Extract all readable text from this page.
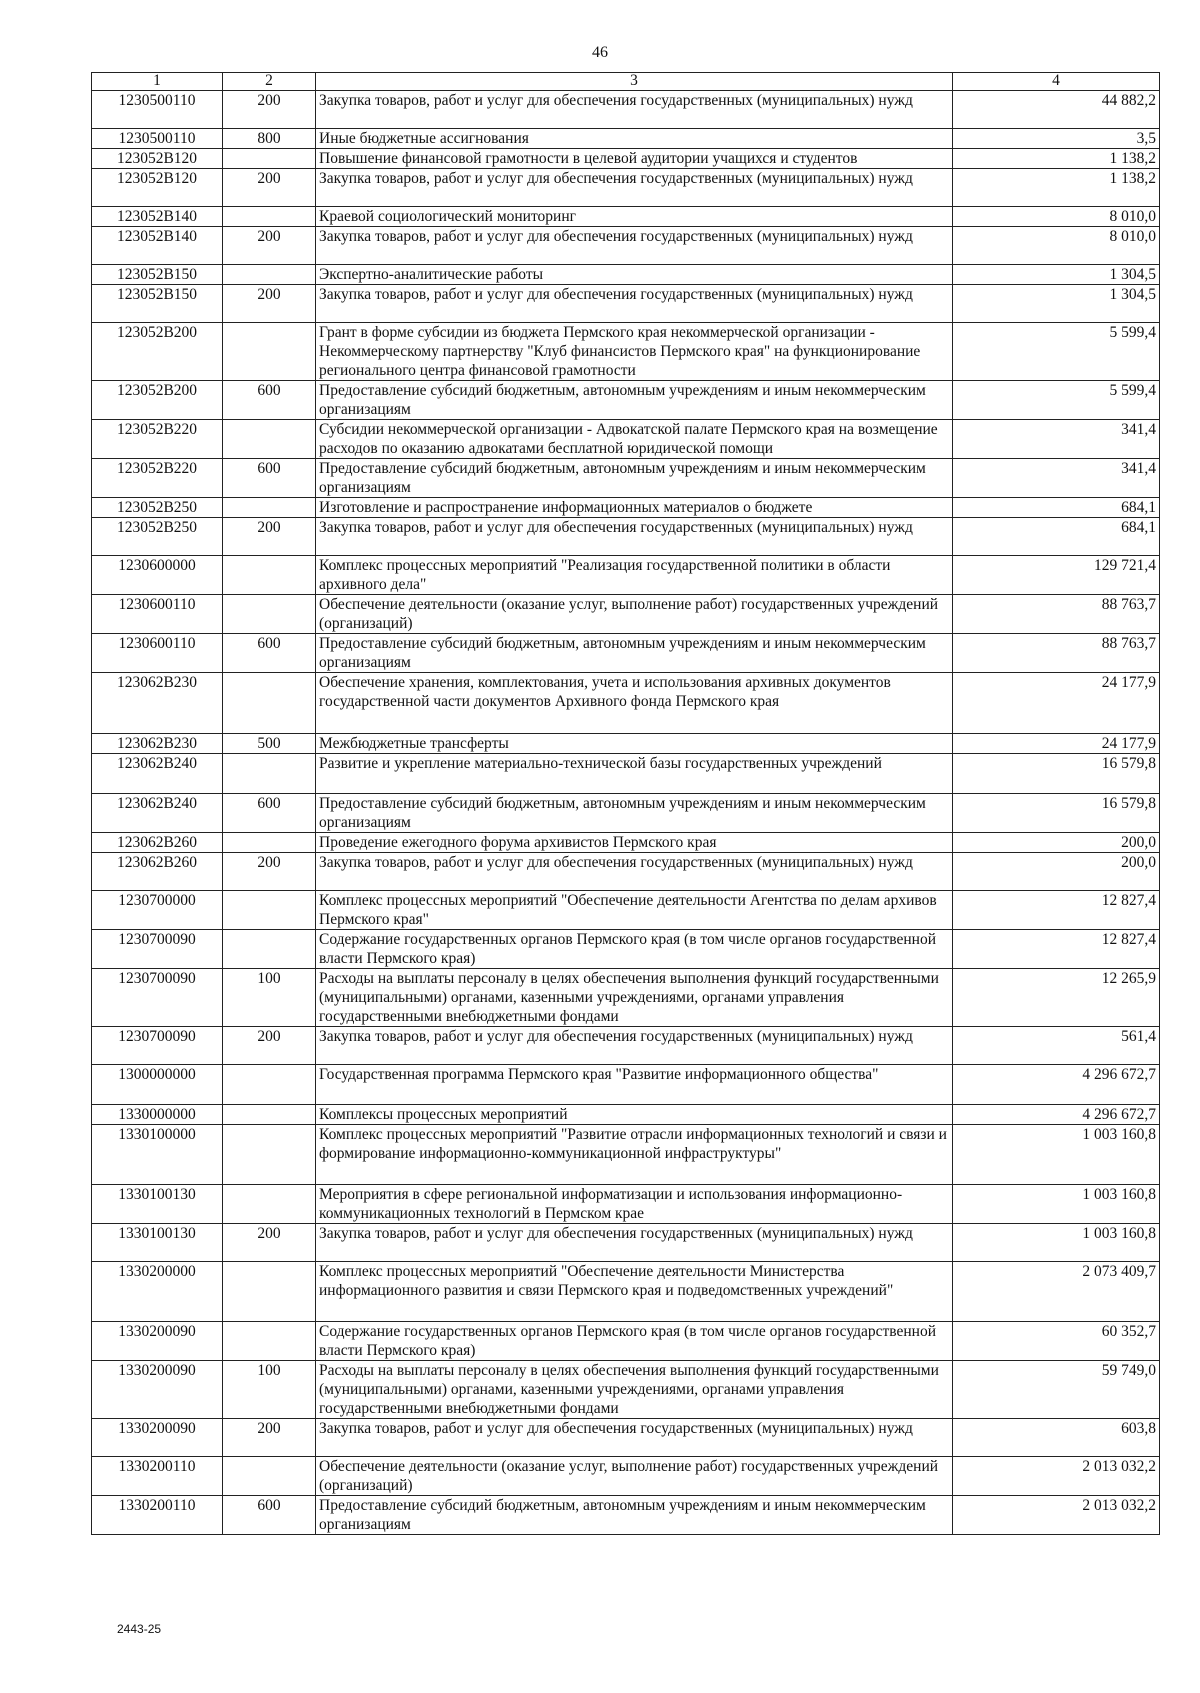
46
1	2	3	4
1230500110	200	Закупка товаров, работ и услуг для обеспечения государственных (муниципальных) нужд	44 882,2
1230500110	800	Иные бюджетные ассигнования	3,5
123052В120		Повышение финансовой грамотности в целевой аудитории учащихся и студентов	1 138,2
123052В120	200	Закупка товаров, работ и услуг для обеспечения государственных (муниципальных) нужд	1 138,2
123052В140		Краевой социологический мониторинг	8 010,0
123052В140	200	Закупка товаров, работ и услуг для обеспечения государственных (муниципальных) нужд	8 010,0
123052В150		Экспертно-аналитические работы	1 304,5
123052В150	200	Закупка товаров, работ и услуг для обеспечения государственных (муниципальных) нужд	1 304,5
123052В200		Грант в форме субсидии из бюджета Пермского края некоммерческой организации - Некоммерческому партнерству "Клуб финансистов Пермского края" на функционирование регионального центра финансовой грамотности	5 599,4
123052В200	600	Предоставление субсидий бюджетным, автономным учреждениям и иным некоммерческим организациям	5 599,4
123052В220		Субсидии некоммерческой организации - Адвокатской палате Пермского края на возмещение расходов по оказанию адвокатами бесплатной юридической помощи	341,4
123052В220	600	Предоставление субсидий бюджетным, автономным учреждениям и иным некоммерческим организациям	341,4
123052В250		Изготовление и распространение информационных материалов о бюджете	684,1
123052В250	200	Закупка товаров, работ и услуг для обеспечения государственных (муниципальных) нужд	684,1
1230600000		Комплекс процессных мероприятий "Реализация государственной политики в области архивного дела"	129 721,4
1230600110		Обеспечение деятельности (оказание услуг, выполнение работ) государственных учреждений (организаций)	88 763,7
1230600110	600	Предоставление субсидий бюджетным, автономным учреждениям и иным некоммерческим организациям	88 763,7
123062В230		Обеспечение хранения, комплектования, учета и использования архивных документов государственной части документов Архивного фонда Пермского края	24 177,9
123062В230	500	Межбюджетные трансферты	24 177,9
123062В240		Развитие и укрепление материально-технической базы государственных учреждений	16 579,8
123062В240	600	Предоставление субсидий бюджетным, автономным учреждениям и иным некоммерческим организациям	16 579,8
123062В260		Проведение ежегодного форума архивистов Пермского края	200,0
123062В260	200	Закупка товаров, работ и услуг для обеспечения государственных (муниципальных) нужд	200,0
1230700000		Комплекс процессных мероприятий "Обеспечение деятельности Агентства по делам архивов Пермского края"	12 827,4
1230700090		Содержание государственных органов Пермского края (в том числе органов государственной власти Пермского края)	12 827,4
1230700090	100	Расходы на выплаты персоналу в целях обеспечения выполнения функций государственными (муниципальными) органами, казенными учреждениями, органами управления государственными внебюджетными фондами	12 265,9
1230700090	200	Закупка товаров, работ и услуг для обеспечения государственных (муниципальных) нужд	561,4
1300000000		Государственная программа Пермского края "Развитие информационного общества"	4 296 672,7
1330000000		Комплексы процессных мероприятий	4 296 672,7
1330100000		Комплекс процессных мероприятий "Развитие отрасли информационных технологий и связи и формирование информационно-коммуникационной инфраструктуры"	1 003 160,8
1330100130		Мероприятия в сфере региональной информатизации и использования информационно-коммуникационных технологий в Пермском крае	1 003 160,8
1330100130	200	Закупка товаров, работ и услуг для обеспечения государственных (муниципальных) нужд	1 003 160,8
1330200000		Комплекс процессных мероприятий "Обеспечение деятельности Министерства информационного развития и связи Пермского края и подведомственных учреждений"	2 073 409,7
1330200090		Содержание государственных органов Пермского края (в том числе органов государственной власти Пермского края)	60 352,7
1330200090	100	Расходы на выплаты персоналу в целях обеспечения выполнения функций государственными (муниципальными) органами, казенными учреждениями, органами управления государственными внебюджетными фондами	59 749,0
1330200090	200	Закупка товаров, работ и услуг для обеспечения государственных (муниципальных) нужд	603,8
1330200110		Обеспечение деятельности (оказание услуг, выполнение работ) государственных учреждений (организаций)	2 013 032,2
1330200110	600	Предоставление субсидий бюджетным, автономным учреждениям и иным некоммерческим организациям	2 013 032,2
2443-25
